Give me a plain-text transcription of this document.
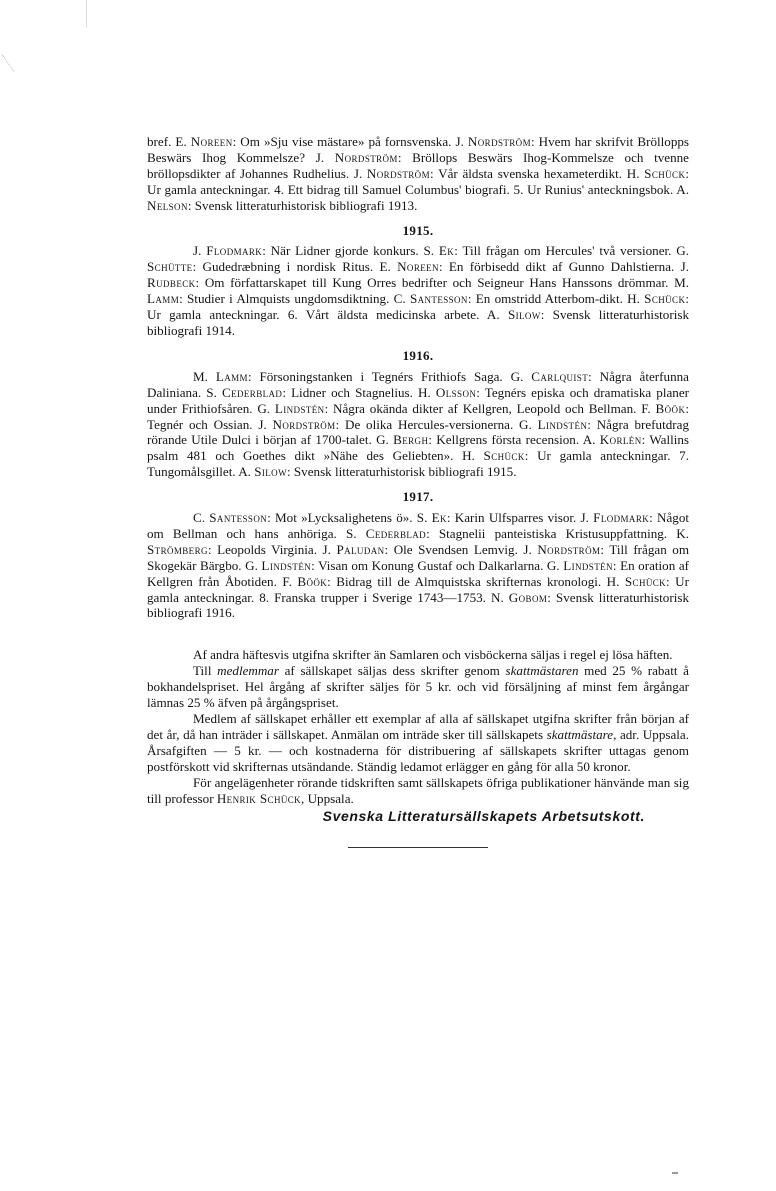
bref. E. Noreen: Om »Sju vise mästare» på fornsvenska. J. Nordström: Hvem har skrifvit Bröllopps Beswärs Ihog Kommelsze? J. Nordström: Bröllops Beswärs Ihog-Kommelsze och tvenne bröllopsdikter af Johannes Rudhelius. J. Nordström: Vår äldsta svenska hexameterdikt. H. Schück: Ur gamla anteckningar. 4. Ett bidrag till Samuel Columbus' biografi. 5. Ur Runius' anteckningsbok. A. Nelson: Svensk litteraturhistorisk bibliografi 1913.

1915.

J. Flodmark: När Lidner gjorde konkurs. S. Ek: Till frågan om Hercules' två versioner. G. Schütte: Gudedræbning i nordisk Ritus. E. Noreen: En förbisedd dikt af Gunno Dahlstierna. J. Rudbeck: Om författarskapet till Kung Orres bedrifter och Seigneur Hans Hanssons drömmar. M. Lamm: Studier i Almquists ungdomsdiktning. C. Santesson: En omstridd Atterbom-dikt. H. Schück: Ur gamla anteckningar. 6. Vårt äldsta medicinska arbete. A. Silow: Svensk litteraturhistorisk bibliografi 1914.

1916.

M. Lamm: Försoningstanken i Tegnérs Frithiofs Saga. G. Carlquist: Några återfunna Daliniana. S. Cederblad: Lidner och Stagnelius. H. Olsson: Tegnérs episka och dramatiska planer under Frithiofsåren. G. Lindstén: Några okända dikter af Kellgren, Leopold och Bellman. F. Böök: Tegnér och Ossian. J. Nordström: De olika Hercules-versionerna. G. Lindstén: Några brefutdrag rörande Utile Dulci i början af 1700-talet. G. Bergh: Kellgrens första recension. A. Korlén: Wallins psalm 481 och Goethes dikt »Nähe des Geliebten». H. Schück: Ur gamla anteckningar. 7. Tungomålsgillet. A. Silow: Svensk litteraturhistorisk bibliografi 1915.

1917.

C. Santesson: Mot »Lycksalighetens ö». S. Ek: Karin Ulfsparres visor. J. Flodmark: Något om Bellman och hans anhöriga. S. Cederblad: Stagnelii panteistiska Kristusuppfattning. K. Strömberg: Leopolds Virginia. J. Paludan: Ole Svendsen Lemvig. J. Nordström: Till frågan om Skogekär Bärgbo. G. Lindstén: Visan om Konung Gustaf och Dalkarlarna. G. Lindstén: En oration af Kellgren från Åbotiden. F. Böök: Bidrag till de Almquistska skrifternas kronologi. H. Schück: Ur gamla anteckningar. 8. Franska trupper i Sverige 1743—1753. N. Gobom: Svensk litteraturhistorisk bibliografi 1916.

Af andra häftesvis utgifna skrifter än Samlaren och visböckerna säljas i regel ej lösa häften.

Till medlemmar af sällskapet säljas dess skrifter genom skattmästaren med 25 % rabatt å bokhandelspriset. Hel årgång af skrifter säljes för 5 kr. och vid försäljning af minst fem årgångar lämnas 25 % äfven på årgångspriset.

Medlem af sällskapet erhåller ett exemplar af alla af sällskapet utgifna skrifter från början af det år, då han inträder i sällskapet. Anmälan om inträde sker till sällskapets skattmästare, adr. Uppsala. Årsafgiften — 5 kr. — och kostnaderna för distribuering af sällskapets skrifter uttagas genom postförskott vid skrifternas utsändande. Ständig ledamot erlägger en gång för alla 50 kronor.

För angelägenheter rörande tidskriften samt sällskapets öfriga publikationer hänvände man sig till professor Henrik Schück, Uppsala.

Svenska Litteratursällskapets Arbetsutskott.
